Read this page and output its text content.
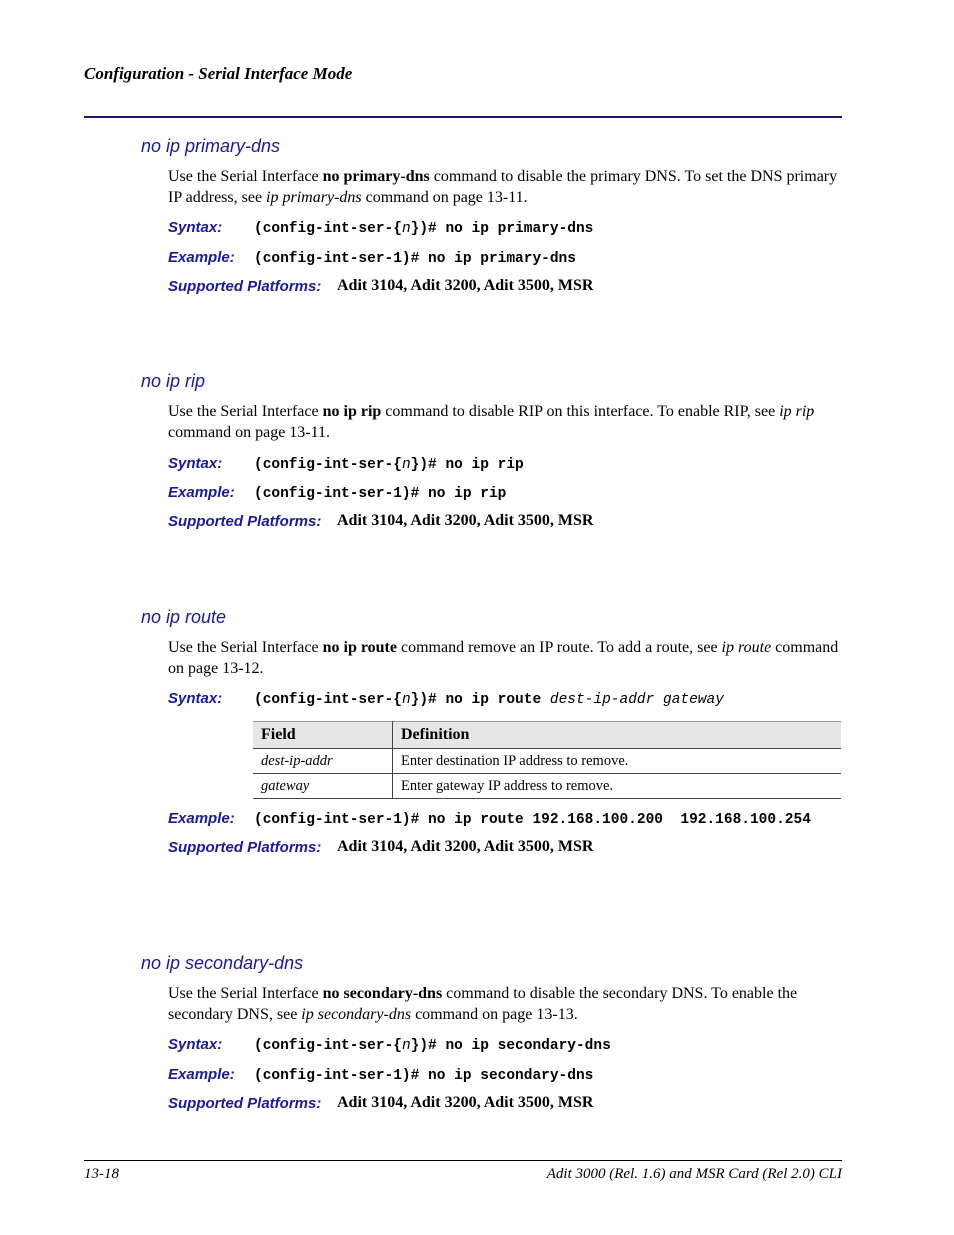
Configuration - Serial Interface Mode
no ip primary-dns
Use the Serial Interface no primary-dns command to disable the primary DNS. To set the DNS primary IP address, see ip primary-dns command on page 13-11.
Syntax: (config-int-ser-{n})# no ip primary-dns
Example: (config-int-ser-1)# no ip primary-dns
Supported Platforms: Adit 3104, Adit 3200, Adit 3500, MSR
no ip rip
Use the Serial Interface no ip rip command to disable RIP on this interface. To enable RIP, see ip rip command on page 13-11.
Syntax: (config-int-ser-{n})# no ip rip
Example: (config-int-ser-1)# no ip rip
Supported Platforms: Adit 3104, Adit 3200, Adit 3500, MSR
no ip route
Use the Serial Interface no ip route command remove an IP route. To add a route, see ip route command on page 13-12.
Syntax: (config-int-ser-{n})# no ip route dest-ip-addr gateway
Field	Definition
dest-ip-addr	Enter destination IP address to remove.
gateway	Enter gateway IP address to remove.
Example: (config-int-ser-1)# no ip route 192.168.100.200  192.168.100.254
Supported Platforms: Adit 3104, Adit 3200, Adit 3500, MSR
no ip secondary-dns
Use the Serial Interface no secondary-dns command to disable the secondary DNS. To enable the secondary DNS, see ip secondary-dns command on page 13-13.
Syntax: (config-int-ser-{n})# no ip secondary-dns
Example: (config-int-ser-1)# no ip secondary-dns
Supported Platforms: Adit 3104, Adit 3200, Adit 3500, MSR
13-18	Adit 3000 (Rel. 1.6) and MSR Card (Rel 2.0) CLI
